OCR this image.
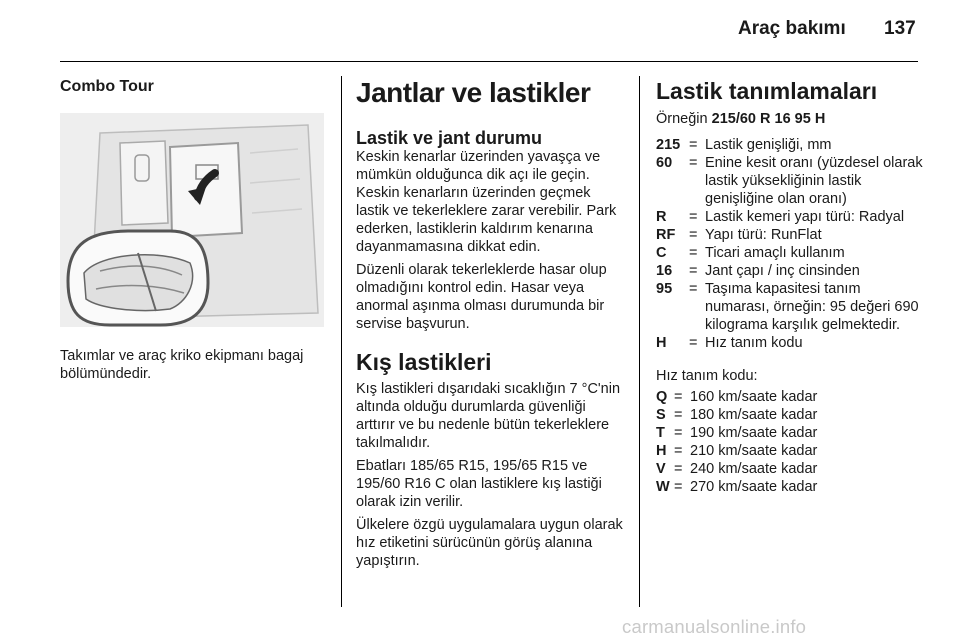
Araç bakımı 137
Combo Tour

Takımlar ve araç kriko ekipmanı bagaj bölümündedir.

Jantlar ve lastikler
Lastik ve jant durumu

Keskin kenarlar üzerinden yavaşça ve mümkün olduğunca dik açı ile geçin. Keskin kenarların üzerinden geçmek lastik ve tekerleklere zarar verebilir. Park ederken, lastiklerin kaldırım kenarına dayanmamasına dikkat edin.

Düzenli olarak tekerleklerde hasar olup olmadığını kontrol edin. Hasar veya anormal aşınma olması durumunda bir servise başvurun.

Kış lastikleri

Kış lastikleri dışarıdaki sıcaklığın 7 °C'nin altında olduğu durumlarda güvenliği arttırır ve bu nedenle bütün tekerleklere takılmalıdır.

Ebatları 185/65 R15, 195/65 R15 ve 195/60 R16 C olan lastiklere kış lastiği olarak izin verilir.

Ülkelere özgü uygulamalara uygun olarak hız etiketini sürücünün görüş alanına yapıştırın.

Lastik tanımlamaları

Örneğin 215/60 R 16 95 H

215 = Lastik genişliği, mm
60	= Enine kesit oranı (yüzdesel olarak lastik yüksekliğinin lastik genişliğine olan oranı)
R	= Lastik kemeri yapı türü: Radyal
RF = Yapı türü: RunFlat
C	= Ticari amaçlı kullanım
16	= Jant çapı / inç cinsinden
95	= Taşıma kapasitesi tanım numarası, örneğin: 95 değeri 690 kilograma karşılık gelmektedir.
H	= Hız tanım kodu

Hız tanım kodu:

Q = 160 km/saate kadar
S = 180 km/saate kadar
T = 190 km/saate kadar
H = 210 km/saate kadar
V = 240 km/saate kadar
W = 270 km/saate kadar
carmanualsonline.info
